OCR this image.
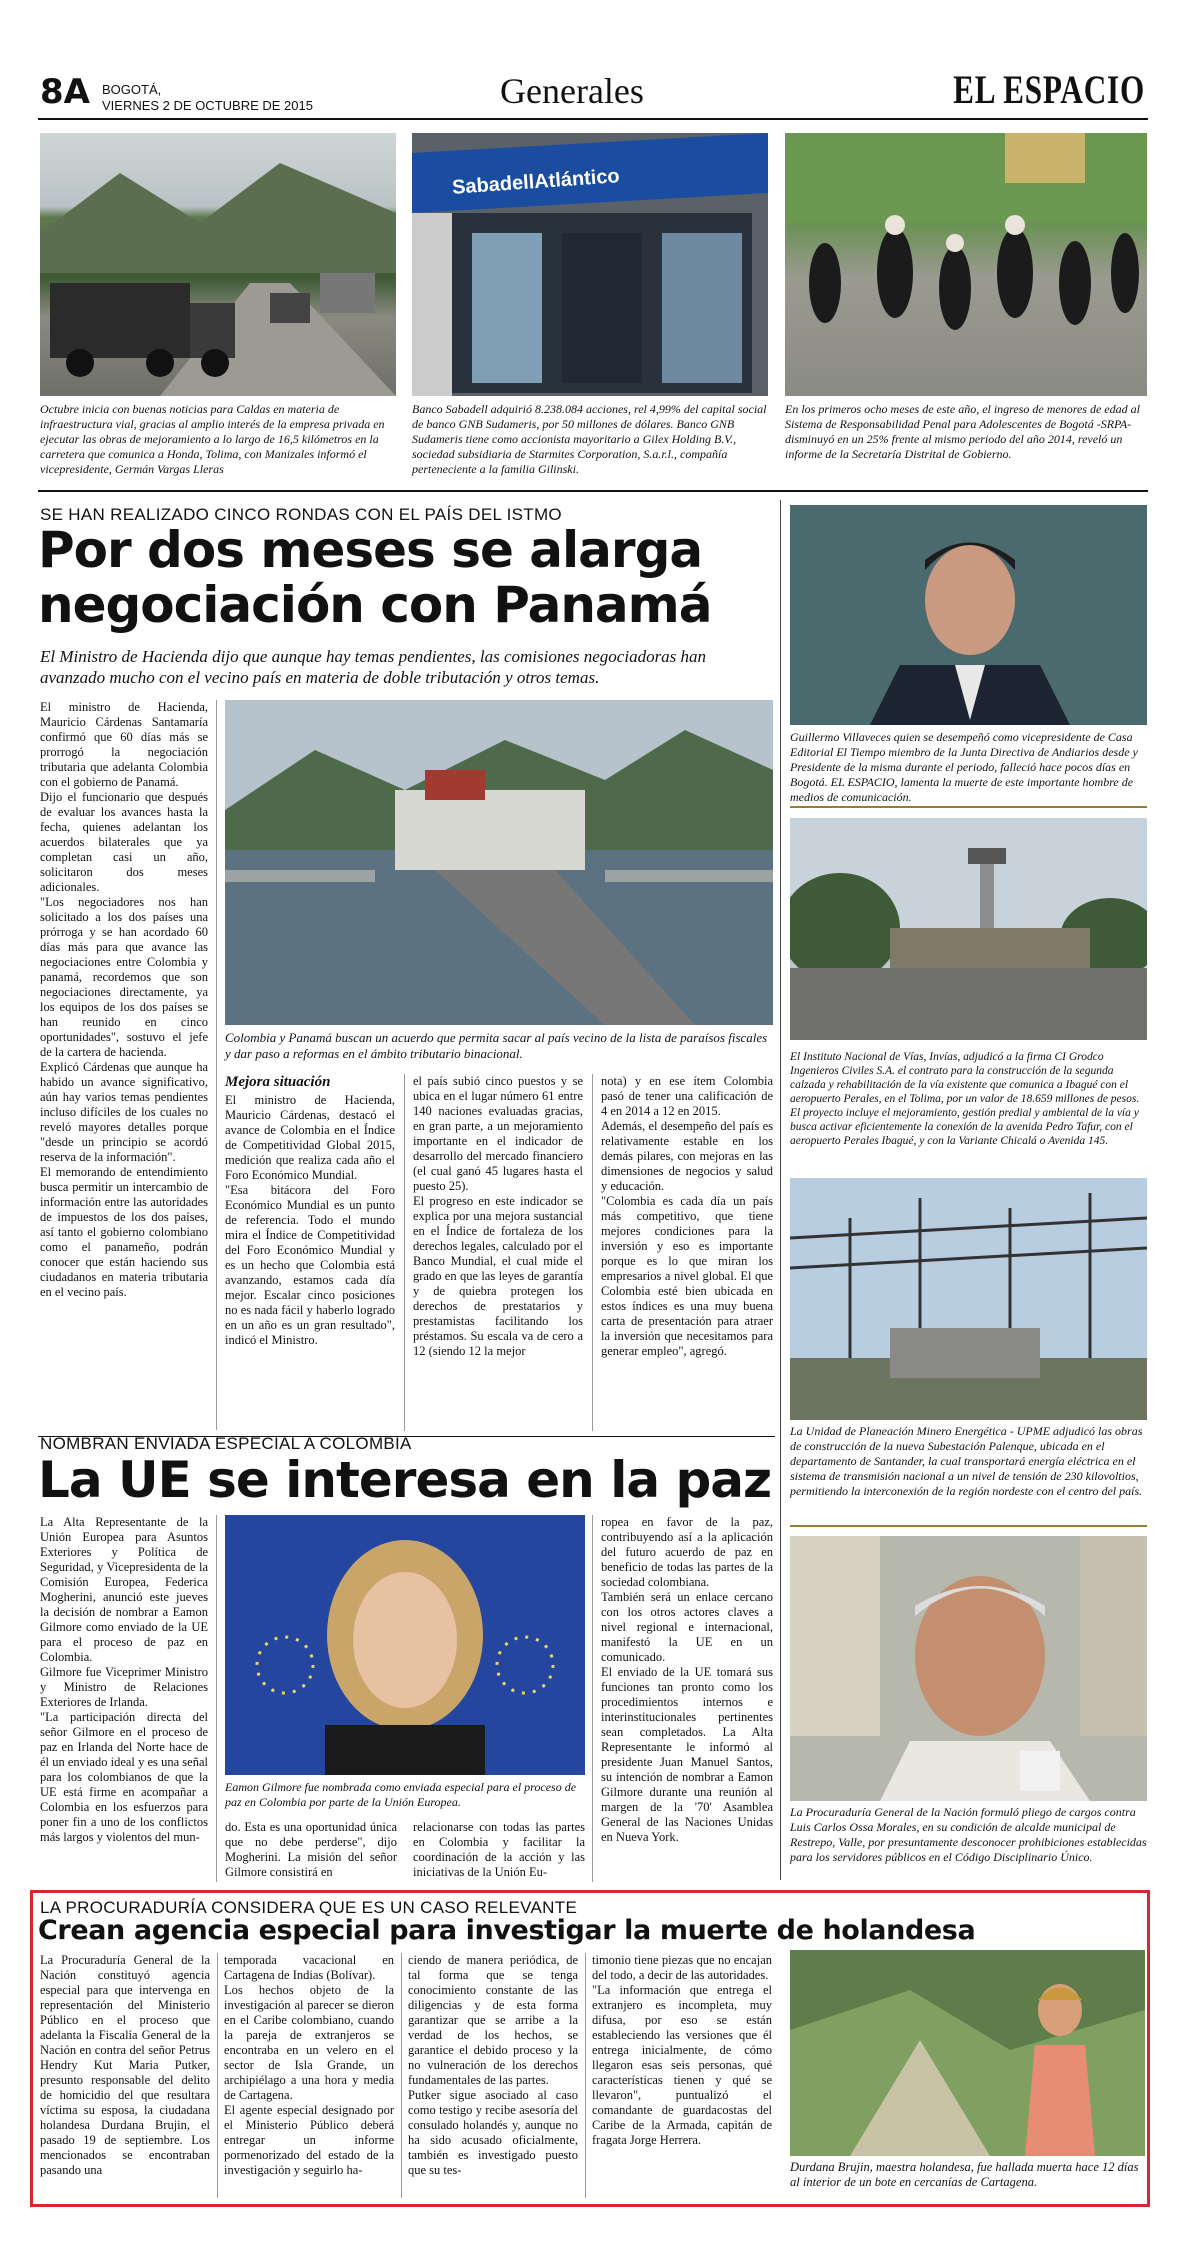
8A BOGOTÁ,
VIERNES 2 DE OCTUBRE DE 2015	Generales	EL ESPACIO
SabadellAtlántico
Octubre inicia con buenas noticias para Caldas en materia de infraestructura vial, gracias al amplio interés de la empresa privada en ejecutar las obras de mejoramiento a lo largo de 16,5 kilómetros en la carretera que comunica a Honda, Tolima, con Manizales informó el vicepresidente, Germán Vargas Lleras
Banco Sabadell adquirió 8.238.084 acciones, rel 4,99% del capital social de banco GNB Sudameris, por 50 millones de dólares. Banco GNB Sudameris tiene como accionista mayoritario a Gilex Holding B.V., sociedad subsidiaria de Starmites Corporation, S.a.r.l., compañía perteneciente a la familia Gilinski.
En los primeros ocho meses de este año, el ingreso de menores de edad al Sistema de Responsabilidad Penal para Adolescentes de Bogotá -SRPA- disminuyó en un 25% frente al mismo periodo del año 2014, reveló un informe de la Secretaría Distrital de Gobierno.
SE HAN REALIZADO CINCO RONDAS CON EL PAÍS DEL ISTMO
Por dos meses se alarga
negociación con Panamá
El Ministro de Hacienda dijo que aunque hay temas pendientes, las comisiones negociadoras han avanzado mucho con el vecino país en materia de doble tributación y otros temas.
El ministro de Hacienda, Mauricio Cárdenas Santamaría confirmó que 60 días más se prorrogó la negociación tributaria que adelanta Colombia con el gobierno de Panamá.
Dijo el funcionario que después de evaluar los avances hasta la fecha, quienes adelantan los acuerdos bilaterales que ya completan casi un año, solicitaron dos meses adicionales.
"Los negociadores nos han solicitado a los dos países una prórroga y se han acordado 60 días más para que avance las negociaciones entre Colombia y panamá, recordemos que son negociaciones directamente, ya los equipos de los dos países se han reunido en cinco oportunidades", sostuvo el jefe de la cartera de hacienda.
Explicó Cárdenas que aunque ha habido un avance significativo, aún hay varios temas pendientes incluso difíciles de los cuales no reveló mayores detalles porque "desde un principio se acordó reserva de la información".
El memorando de entendimiento busca permitir un intercambio de información entre las autoridades de impuestos de los dos países, así tanto el gobierno colombiano como el panameño, podrán conocer que están haciendo sus ciudadanos en materia tributaria en el vecino país.
Colombia y Panamá buscan un acuerdo que permita sacar al país vecino de la lista de paraísos fiscales y dar paso a reformas en el ámbito tributario binacional.
Mejora situación
El ministro de Hacienda, Mauricio Cárdenas, destacó el avance de Colombia en el Índice de Competitividad Global 2015, medición que realiza cada año el Foro Económico Mundial.
"Esa bitácora del Foro Económico Mundial es un punto de referencia. Todo el mundo mira el Índice de Competitividad del Foro Económico Mundial y es un hecho que Colombia está avanzando, estamos cada día mejor. Escalar cinco posiciones no es nada fácil y haberlo logrado en un año es un gran resultado", indicó el Ministro.
el país subió cinco puestos y se ubica en el lugar número 61 entre 140 naciones evaluadas gracias, en gran parte, a un mejoramiento importante en el indicador de desarrollo del mercado financiero (el cual ganó 45 lugares hasta el puesto 25).
El progreso en este indicador se explica por una mejora sustancial en el Índice de fortaleza de los derechos legales, calculado por el Banco Mundial, el cual mide el grado en que las leyes de garantía y de quiebra protegen los derechos de prestatarios y prestamistas facilitando los préstamos. Su escala va de cero a 12 (siendo 12 la mejor
nota) y en ese ítem Colombia pasó de tener una calificación de 4 en 2014 a 12 en 2015.
Además, el desempeño del país es relativamente estable en los demás pilares, con mejoras en las dimensiones de negocios y salud y educación.
"Colombia es cada día un país más competitivo, que tiene mejores condiciones para la inversión y eso es importante porque es lo que miran los empresarios a nivel global. El que Colombia esté bien ubicada en estos índices es una muy buena carta de presentación para atraer la inversión que necesitamos para generar empleo", agregó.
NOMBRAN ENVIADA ESPECIAL A COLOMBIA
La UE se interesa en la paz
La Alta Representante de la Unión Europea para Asuntos Exteriores y Política de Seguridad, y Vicepresidenta de la Comisión Europea, Federica Mogherini, anunció este jueves la decisión de nombrar a Eamon Gilmore como enviado de la UE para el proceso de paz en Colombia.
Gilmore fue Viceprimer Ministro y Ministro de Relaciones Exteriores de Irlanda.
"La participación directa del señor Gilmore en el proceso de paz en Irlanda del Norte hace de él un enviado ideal y es una señal para los colombianos de que la UE está firme en acompañar a Colombia en los esfuerzos para poner fin a uno de los conflictos más largos y violentos del mun-
Eamon Gilmore fue nombrada como enviada especial para el proceso de paz en Colombia por parte de la Unión Europea.
do. Esta es una oportunidad única que no debe perderse", dijo Mogherini. La misión del señor Gilmore consistirá en
relacionarse con todas las partes en Colombia y facilitar la coordinación de la acción y las iniciativas de la Unión Eu-
ropea en favor de la paz, contribuyendo así a la aplicación del futuro acuerdo de paz en beneficio de todas las partes de la sociedad colombiana.
También será un enlace cercano con los otros actores claves a nivel regional e internacional, manifestó la UE en un comunicado.
El enviado de la UE tomará sus funciones tan pronto como los procedimientos internos e interinstitucionales pertinentes sean completados. La Alta Representante le informó al presidente Juan Manuel Santos, su intención de nombrar a Eamon Gilmore durante una reunión al margen de la '70' Asamblea General de las Naciones Unidas en Nueva York.
Guillermo Villaveces quien se desempeñó como vicepresidente de Casa Editorial El Tiempo miembro de la Junta Directiva de Andiarios desde y Presidente de la misma durante el periodo, falleció hace pocos días en Bogotá. EL ESPACIO, lamenta la muerte de este importante hombre de medios de comunicación.
El Instituto Nacional de Vías, Invías, adjudicó a la firma CI Grodco Ingenieros Civiles S.A. el contrato para la construcción de la segunda calzada y rehabilitación de la vía existente que comunica a Ibagué con el aeropuerto Perales, en el Tolima, por un valor de 18.659 millones de pesos. El proyecto incluye el mejoramiento, gestión predial y ambiental de la vía y busca activar eficientemente la conexión de la avenida Pedro Tafur, con el aeropuerto Perales Ibagué, y con la Variante Chicalá o Avenida 145.
La Unidad de Planeación Minero Energética - UPME adjudicó las obras de construcción de la nueva Subestación Palenque, ubicada en el departamento de Santander, la cual transportará energía eléctrica en el sistema de transmisión nacional a un nivel de tensión de 230 kilovoltios, permitiendo la interconexión de la región nordeste con el centro del país.
La Procuraduría General de la Nación formuló pliego de cargos contra Luis Carlos Ossa Morales, en su condición de alcalde municipal de Restrepo, Valle, por presuntamente desconocer prohibiciones establecidas para los servidores públicos en el Código Disciplinario Único.
LA PROCURADURÍA CONSIDERA QUE ES UN CASO RELEVANTE
Crean agencia especial para investigar la muerte de holandesa
La Procuraduría General de la Nación constituyó agencia especial para que intervenga en representación del Ministerio Público en el proceso que adelanta la Fiscalía General de la Nación en contra del señor Petrus Hendry Kut Maria Putker, presunto responsable del delito de homicidio del que resultara víctima su esposa, la ciudadana holandesa Durdana Brujin, el pasado 19 de septiembre. Los mencionados se encontraban pasando una
temporada vacacional en Cartagena de Indias (Bolívar).
Los hechos objeto de la investigación al parecer se dieron en el Caribe colombiano, cuando la pareja de extranjeros se encontraba en un velero en el sector de Isla Grande, un archipiélago a una hora y media de Cartagena.
El agente especial designado por el Ministerio Público deberá entregar un informe pormenorizado del estado de la investigación y seguirlo ha-
ciendo de manera periódica, de tal forma que se tenga conocimiento constante de las diligencias y de esta forma garantizar que se arribe a la verdad de los hechos, se garantice el debido proceso y la no vulneración de los derechos fundamentales de las partes.
Putker sigue asociado al caso como testigo y recibe asesoría del consulado holandés y, aunque no ha sido acusado oficialmente, también es investigado puesto que su tes-
timonio tiene piezas que no encajan del todo, a decir de las autoridades.
"La información que entrega el extranjero es incompleta, muy difusa, por eso se están estableciendo las versiones que él entrega inicialmente, de cómo llegaron esas seis personas, qué características tienen y qué se llevaron", puntualizó el comandante de guardacostas del Caribe de la Armada, capitán de fragata Jorge Herrera.
Durdana Brujin, maestra holandesa, fue hallada muerta hace 12 días al interior de un bote en cercanías de Cartagena.
